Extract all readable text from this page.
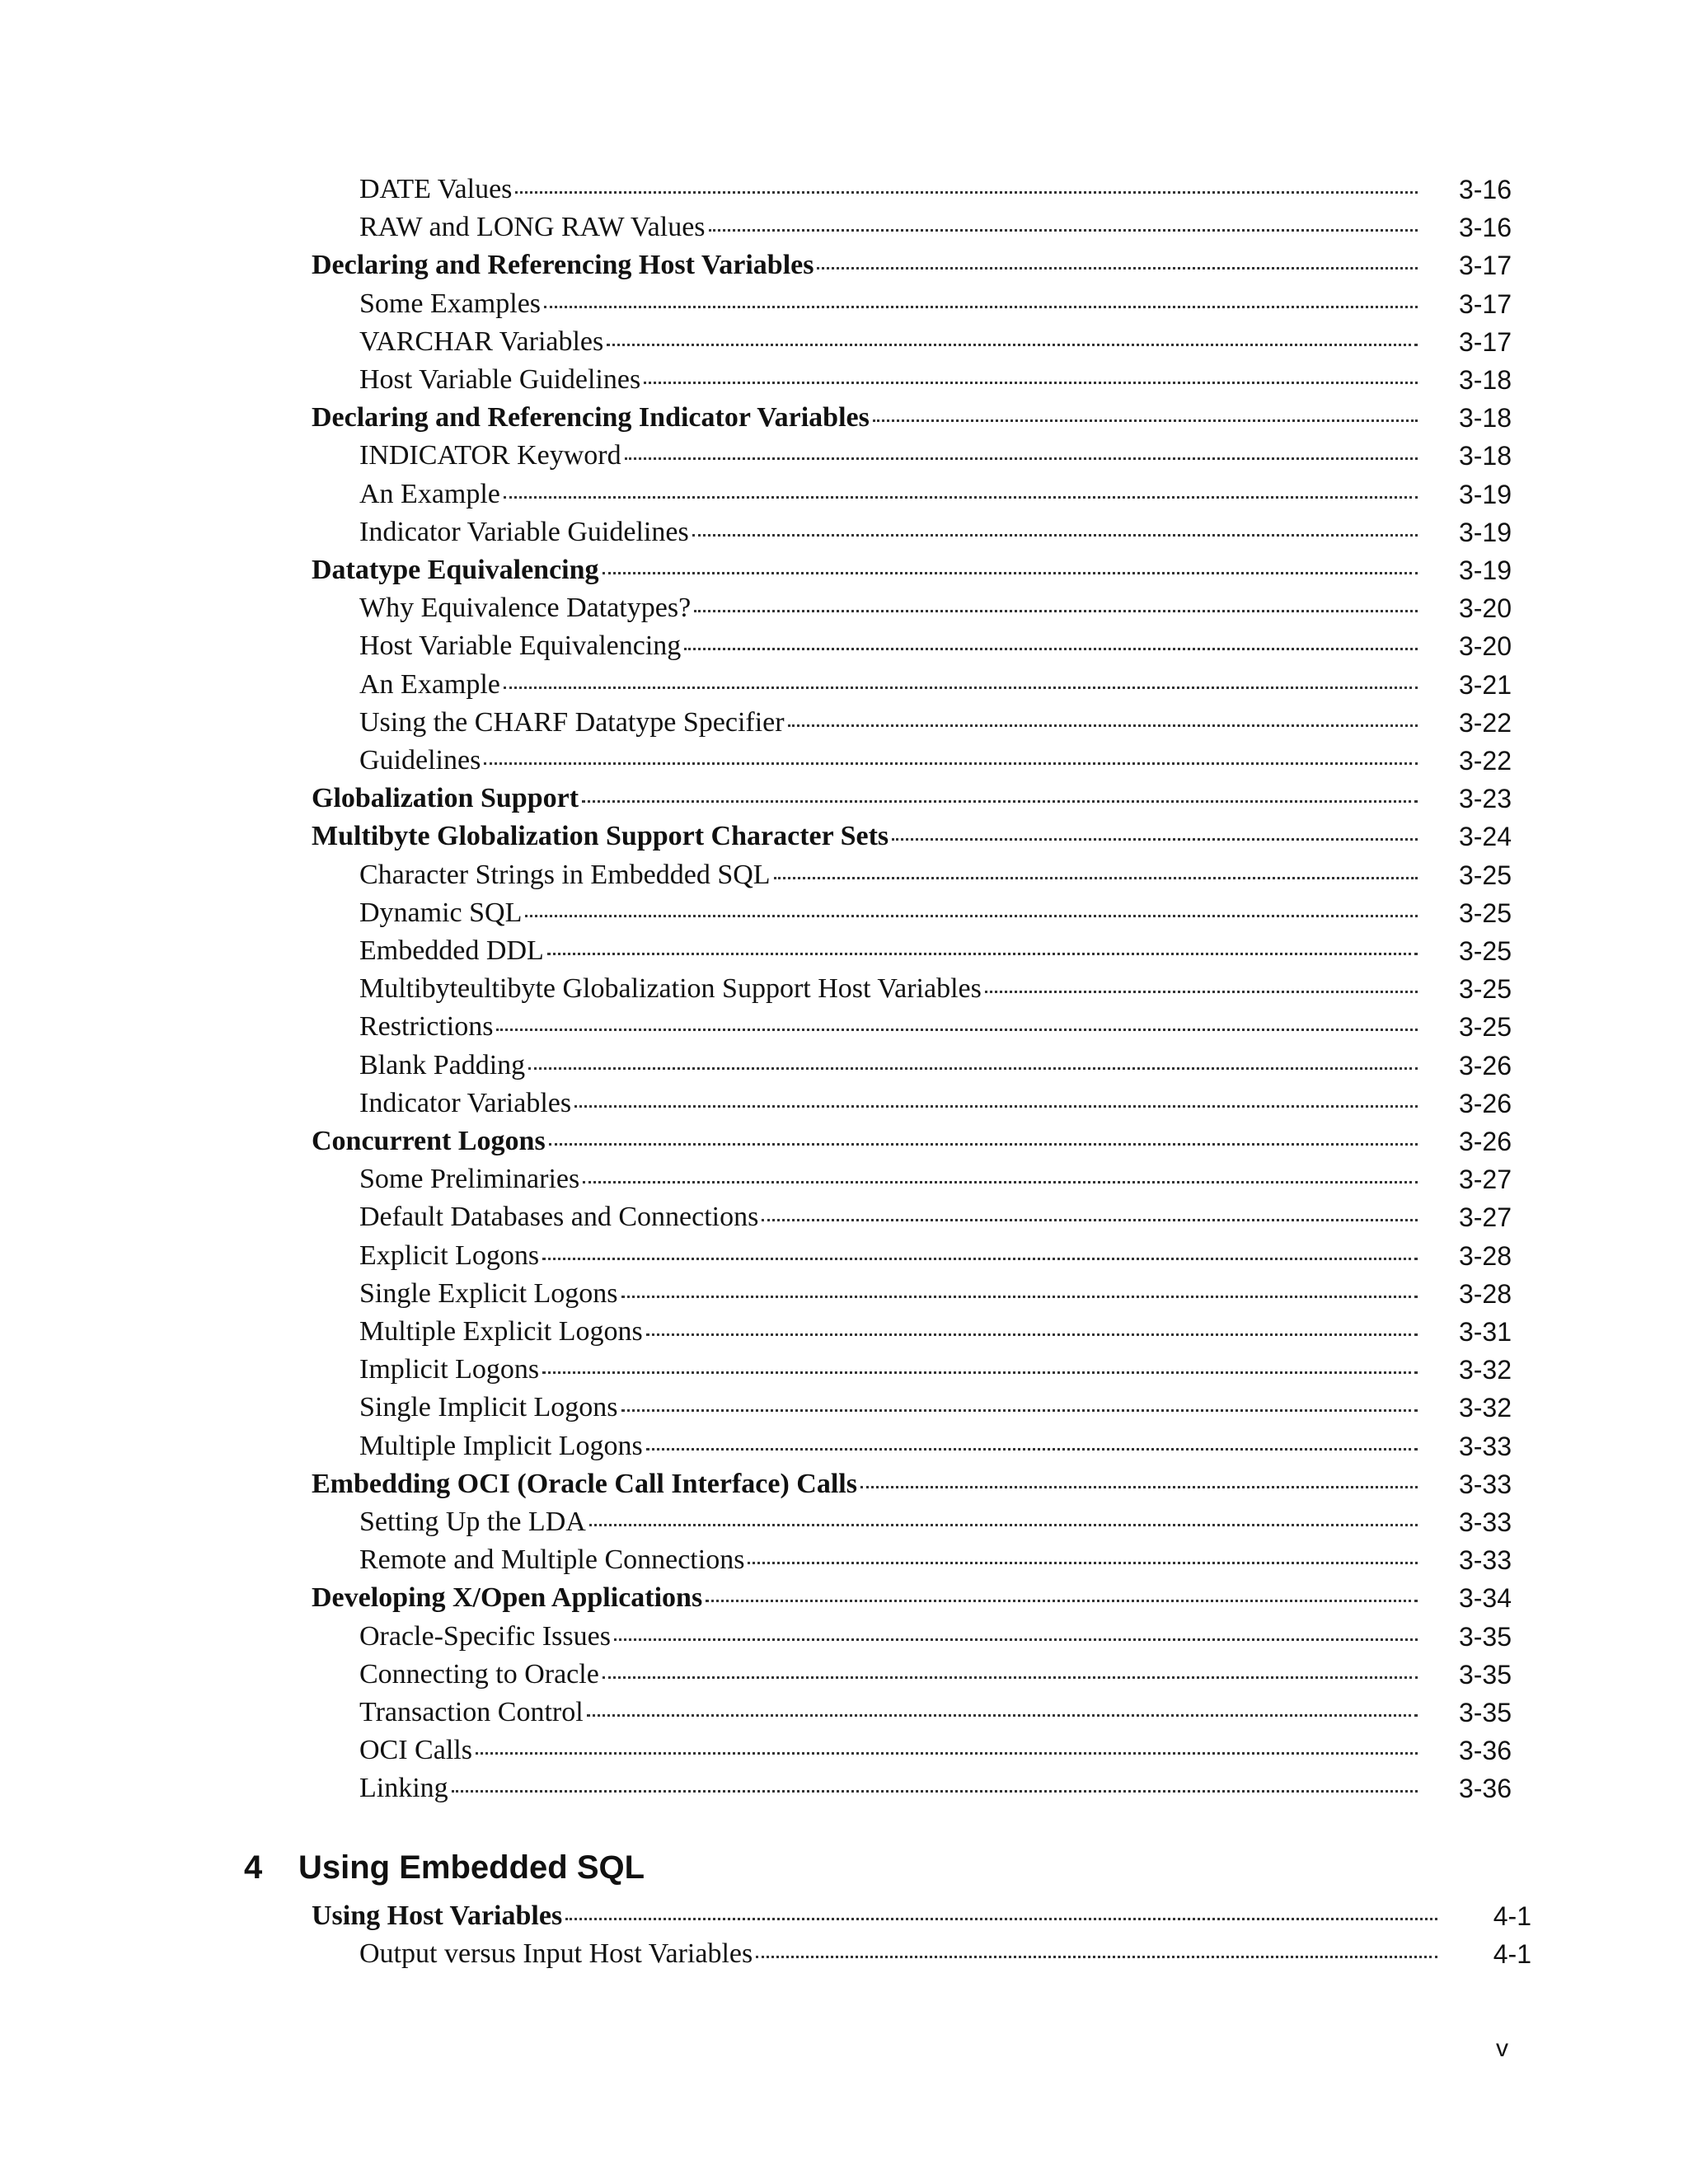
DATE Values	3-16
RAW and LONG RAW Values	3-16
Declaring and Referencing Host Variables	3-17
Some Examples	3-17
VARCHAR Variables	3-17
Host Variable Guidelines	3-18
Declaring and Referencing Indicator Variables	3-18
INDICATOR Keyword	3-18
An Example	3-19
Indicator Variable Guidelines	3-19
Datatype Equivalencing	3-19
Why Equivalence Datatypes?	3-20
Host Variable Equivalencing	3-20
An Example	3-21
Using the CHARF Datatype Specifier	3-22
Guidelines	3-22
Globalization Support	3-23
Multibyte Globalization Support Character Sets	3-24
Character Strings in Embedded SQL	3-25
Dynamic SQL	3-25
Embedded DDL	3-25
Multibyteultibyte Globalization Support Host Variables	3-25
Restrictions	3-25
Blank Padding	3-26
Indicator Variables	3-26
Concurrent Logons	3-26
Some Preliminaries	3-27
Default Databases and Connections	3-27
Explicit Logons	3-28
Single Explicit Logons	3-28
Multiple Explicit Logons	3-31
Implicit Logons	3-32
Single Implicit Logons	3-32
Multiple Implicit Logons	3-33
Embedding OCI (Oracle Call Interface) Calls	3-33
Setting Up the LDA	3-33
Remote and Multiple Connections	3-33
Developing X/Open Applications	3-34
Oracle-Specific Issues	3-35
Connecting to Oracle	3-35
Transaction Control	3-35
OCI Calls	3-36
Linking	3-36
4 Using Embedded SQL
Using Host Variables	4-1
Output versus Input Host Variables	4-1
v
